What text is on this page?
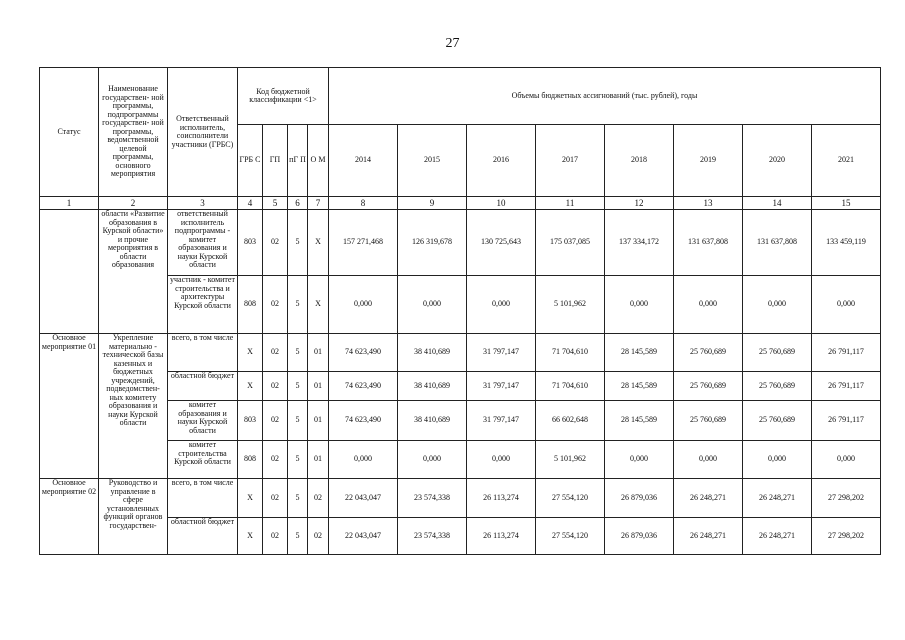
27
Статус	Наименование государствен- ной программы, подпрограммы государствен- ной программы, ведомственной целевой программы, основного мероприятия	Ответственный исполнитель, соисполнители участники (ГРБС)	Код бюджетной классификации <1>				Объемы бюджетных ассигнований (тыс. рублей), годы							
			ГРБ С	ГП	пГ П	О М	2014	2015	2016	2017	2018	2019	2020	2021
1	2	3	4	5	6	7	8	9	10	11	12	13	14	15
	области «Развитие образования в Курской области» и прочие мероприятия в области образования	ответственный исполнитель подпрограммы - комитет образования и науки Курской области	803	02	5	X	157 271,468	126 319,678	130 725,643	175 037,085	137 334,172	131 637,808	131 637,808	133 459,119
		участник - комитет строительства и архитектуры Курской области	808	02	5	X	0,000	0,000	0,000	5 101,962	0,000	0,000	0,000	0,000
Основное мероприятие 01	Укрепление материально - технической базы казенных и бюджетных учреждений, подведомствен- ных комитету образования и науки Курской области	всего, в том числе	X	02	5	01	74 623,490	38 410,689	31 797,147	71 704,610	28 145,589	25 760,689	25 760,689	26 791,117
		областной бюджет	X	02	5	01	74 623,490	38 410,689	31 797,147	71 704,610	28 145,589	25 760,689	25 760,689	26 791,117
		комитет образования и науки Курской области	803	02	5	01	74 623,490	38 410,689	31 797,147	66 602,648	28 145,589	25 760,689	25 760,689	26 791,117
		комитет строительства Курской области	808	02	5	01	0,000	0,000	0,000	5 101,962	0,000	0,000	0,000	0,000
Основное мероприятие 02	Руководство и управление в сфере установленных функций органов государствен-	всего, в том числе	X	02	5	02	22 043,047	23 574,338	26 113,274	27 554,120	26 879,036	26 248,271	26 248,271	27 298,202
		областной бюджет	X	02	5	02	22 043,047	23 574,338	26 113,274	27 554,120	26 879,036	26 248,271	26 248,271	27 298,202
